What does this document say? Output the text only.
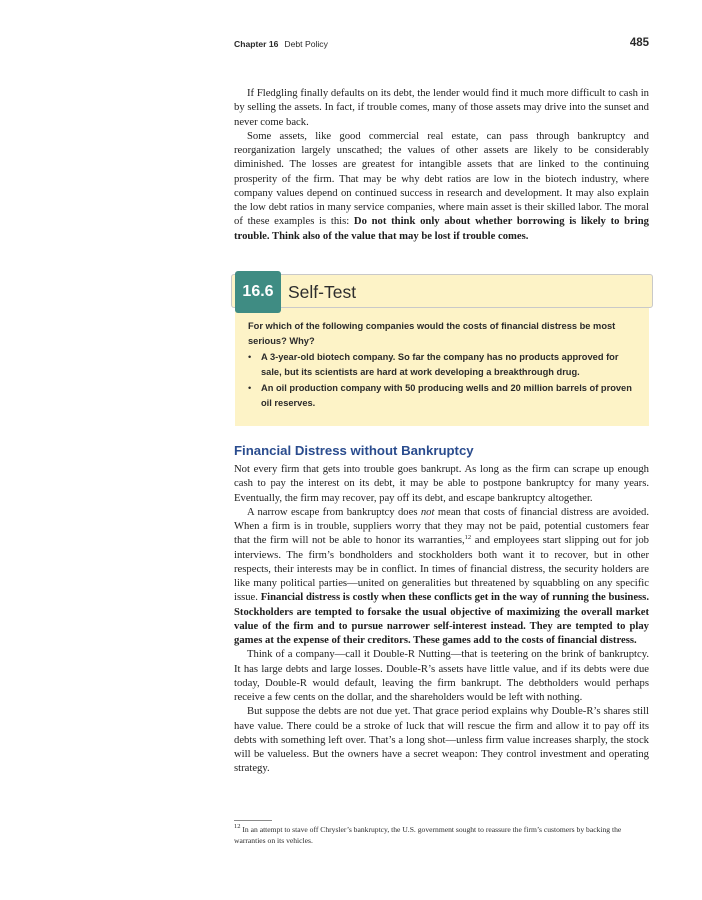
Chapter 16 Debt Policy	485

If Fledgling finally defaults on its debt, the lender would find it much more difficult to cash in by selling the assets. In fact, if trouble comes, many of those assets may drive into the sunset and never come back.

Some assets, like good commercial real estate, can pass through bankruptcy and reorganization largely unscathed; the values of other assets are likely to be considerably diminished. The losses are greatest for intangible assets that are linked to the continuing prosperity of the firm. That may be why debt ratios are low in the biotech industry, where company values depend on continued success in research and development. It may also explain the low debt ratios in many service companies, where main asset is their skilled labor. The moral of these examples is this: Do not think only about whether borrowing is likely to bring trouble. Think also of the value that may be lost if trouble comes.

16.6 Self-Test
For which of the following companies would the costs of financial distress be most serious? Why?
• A 3-year-old biotech company. So far the company has no products approved for sale, but its scientists are hard at work developing a breakthrough drug.
• An oil production company with 50 producing wells and 20 million barrels of proven oil reserves.
Financial Distress without Bankruptcy

Not every firm that gets into trouble goes bankrupt. As long as the firm can scrape up enough cash to pay the interest on its debt, it may be able to postpone bankruptcy for many years. Eventually, the firm may recover, pay off its debt, and escape bankruptcy altogether.

A narrow escape from bankruptcy does not mean that costs of financial distress are avoided. When a firm is in trouble, suppliers worry that they may not be paid, potential customers fear that the firm will not be able to honor its warranties,$^{12}$ and employees start slipping out for job interviews. The firm’s bondholders and stockholders both want it to recover, but in other respects, their interests may be in conflict. In times of financial distress, the security holders are like many political parties—united on generalities but threatened by squabbling on any specific issue. Financial distress is costly when these conflicts get in the way of running the business. Stockholders are tempted to forsake the usual objective of maximizing the overall market value of the firm and to pursue narrower self-interest instead. They are tempted to play games at the expense of their creditors. These games add to the costs of financial distress.

Think of a company—call it Double-R Nutting—that is teetering on the brink of bankruptcy. It has large debts and large losses. Double-R’s assets have little value, and if its debts were due today, Double-R would default, leaving the firm bankrupt. The debtholders would perhaps receive a few cents on the dollar, and the shareholders would be left with nothing.

But suppose the debts are not due yet. That grace period explains why Double-R’s shares still have value. There could be a stroke of luck that will rescue the firm and allow it to pay off its debts with something left over. That’s a long shot—unless firm value increases sharply, the stock will be valueless. But the owners have a secret weapon: They control investment and operating strategy.

12 In an attempt to stave off Chrysler’s bankruptcy, the U.S. government sought to reassure the firm’s customers by backing the warranties on its vehicles.
